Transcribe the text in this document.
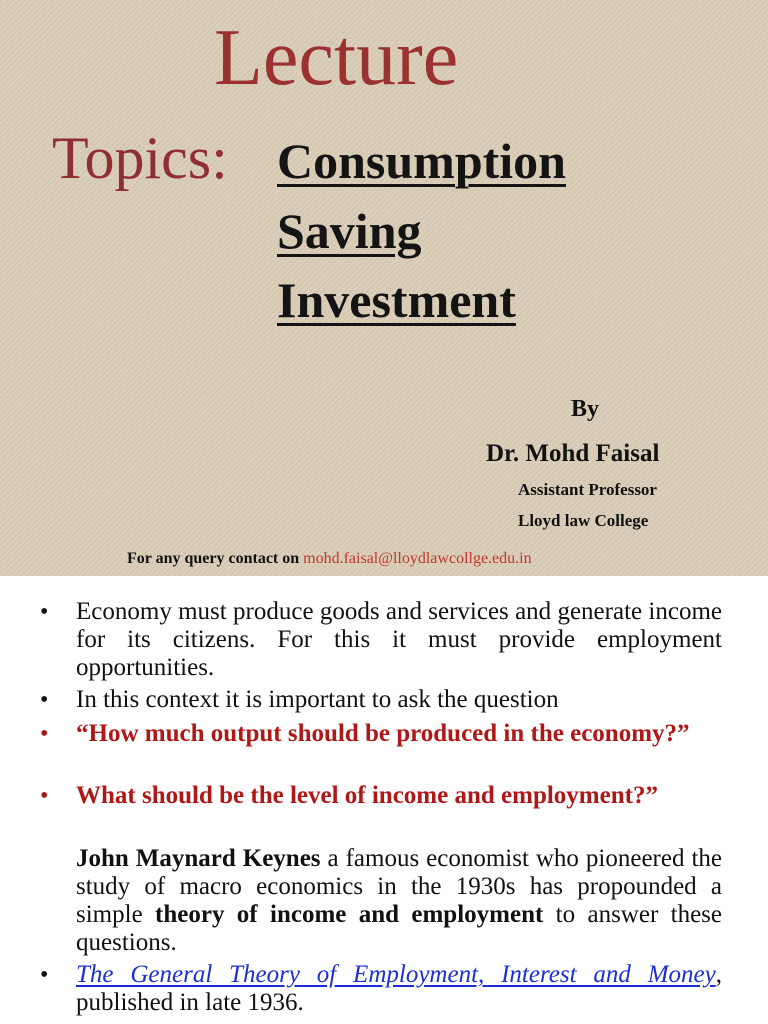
Lecture
Topics: Consumption
Saving
Investment
By
Dr. Mohd Faisal
Assistant Professor
Lloyd law College
For any query contact on mohd.faisal@lloydlawcollge.edu.in
• Economy must produce goods and services and generate income for its citizens. For this it must provide employment opportunities.
• In this context it is important to ask the question
• “How much output should be produced in the economy?”
• What should be the level of income and employment?”
John Maynard Keynes a famous economist who pioneered the study of macro economics in the 1930s has propounded a simple theory of income and employment to answer these questions.
• The General Theory of Employment, Interest and Money, published in late 1936.
